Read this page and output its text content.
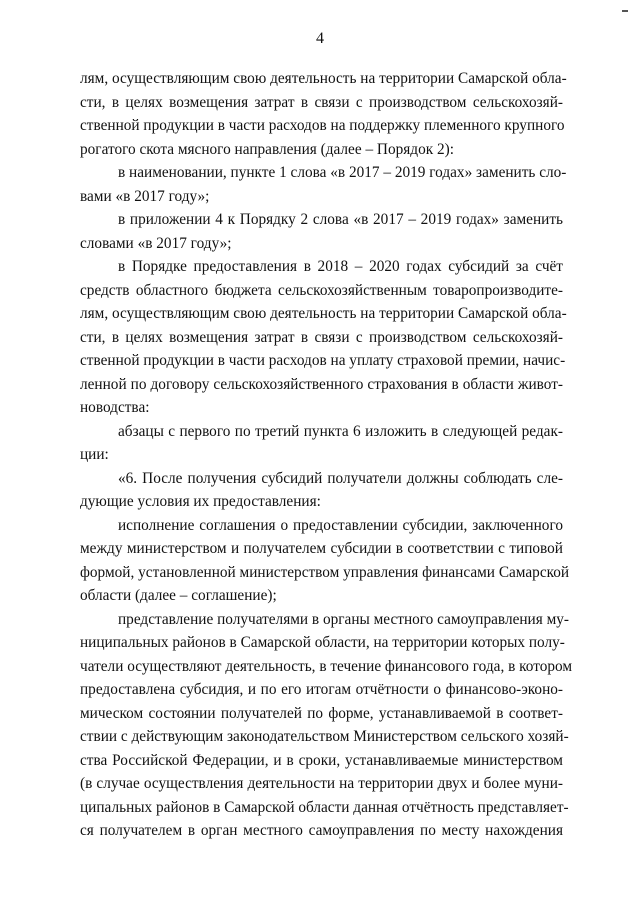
4
лям, осуществляющим свою деятельность на территории Самарской обла-
сти, в целях возмещения затрат в связи с производством сельскохозяй-
ственной продукции в части расходов на поддержку племенного крупного
рогатого скота мясного направления (далее – Порядок 2):
в наименовании, пункте 1 слова «в 2017 – 2019 годах» заменить сло-
вами «в 2017 году»;
в приложении 4 к Порядку 2 слова «в 2017 – 2019 годах» заменить
словами «в 2017 году»;
в Порядке предоставления в 2018 – 2020 годах субсидий за счёт
средств областного бюджета сельскохозяйственным товаропроизводите-
лям, осуществляющим свою деятельность на территории Самарской обла-
сти, в целях возмещения затрат в связи с производством сельскохозяй-
ственной продукции в части расходов на уплату страховой премии, начис-
ленной по договору сельскохозяйственного страхования в области живот-
новодства:
абзацы с первого по третий пункта 6 изложить в следующей редак-
ции:
«6. После получения субсидий получатели должны соблюдать сле-
дующие условия их предоставления:
исполнение соглашения о предоставлении субсидии, заключенного
между министерством и получателем субсидии в соответствии с типовой
формой, установленной министерством управления финансами Самарской
области (далее – соглашение);
представление получателями в органы местного самоуправления му-
ниципальных районов в Самарской области, на территории которых полу-
чатели осуществляют деятельность, в течение финансового года, в котором
предоставлена субсидия, и по его итогам отчётности о финансово-эконо-
мическом состоянии получателей по форме, устанавливаемой в соответ-
ствии с действующим законодательством Министерством сельского хозяй-
ства Российской Федерации, и в сроки, устанавливаемые министерством
(в случае осуществления деятельности на территории двух и более муни-
ципальных районов в Самарской области данная отчётность представляет-
ся получателем в орган местного самоуправления по месту нахождения
